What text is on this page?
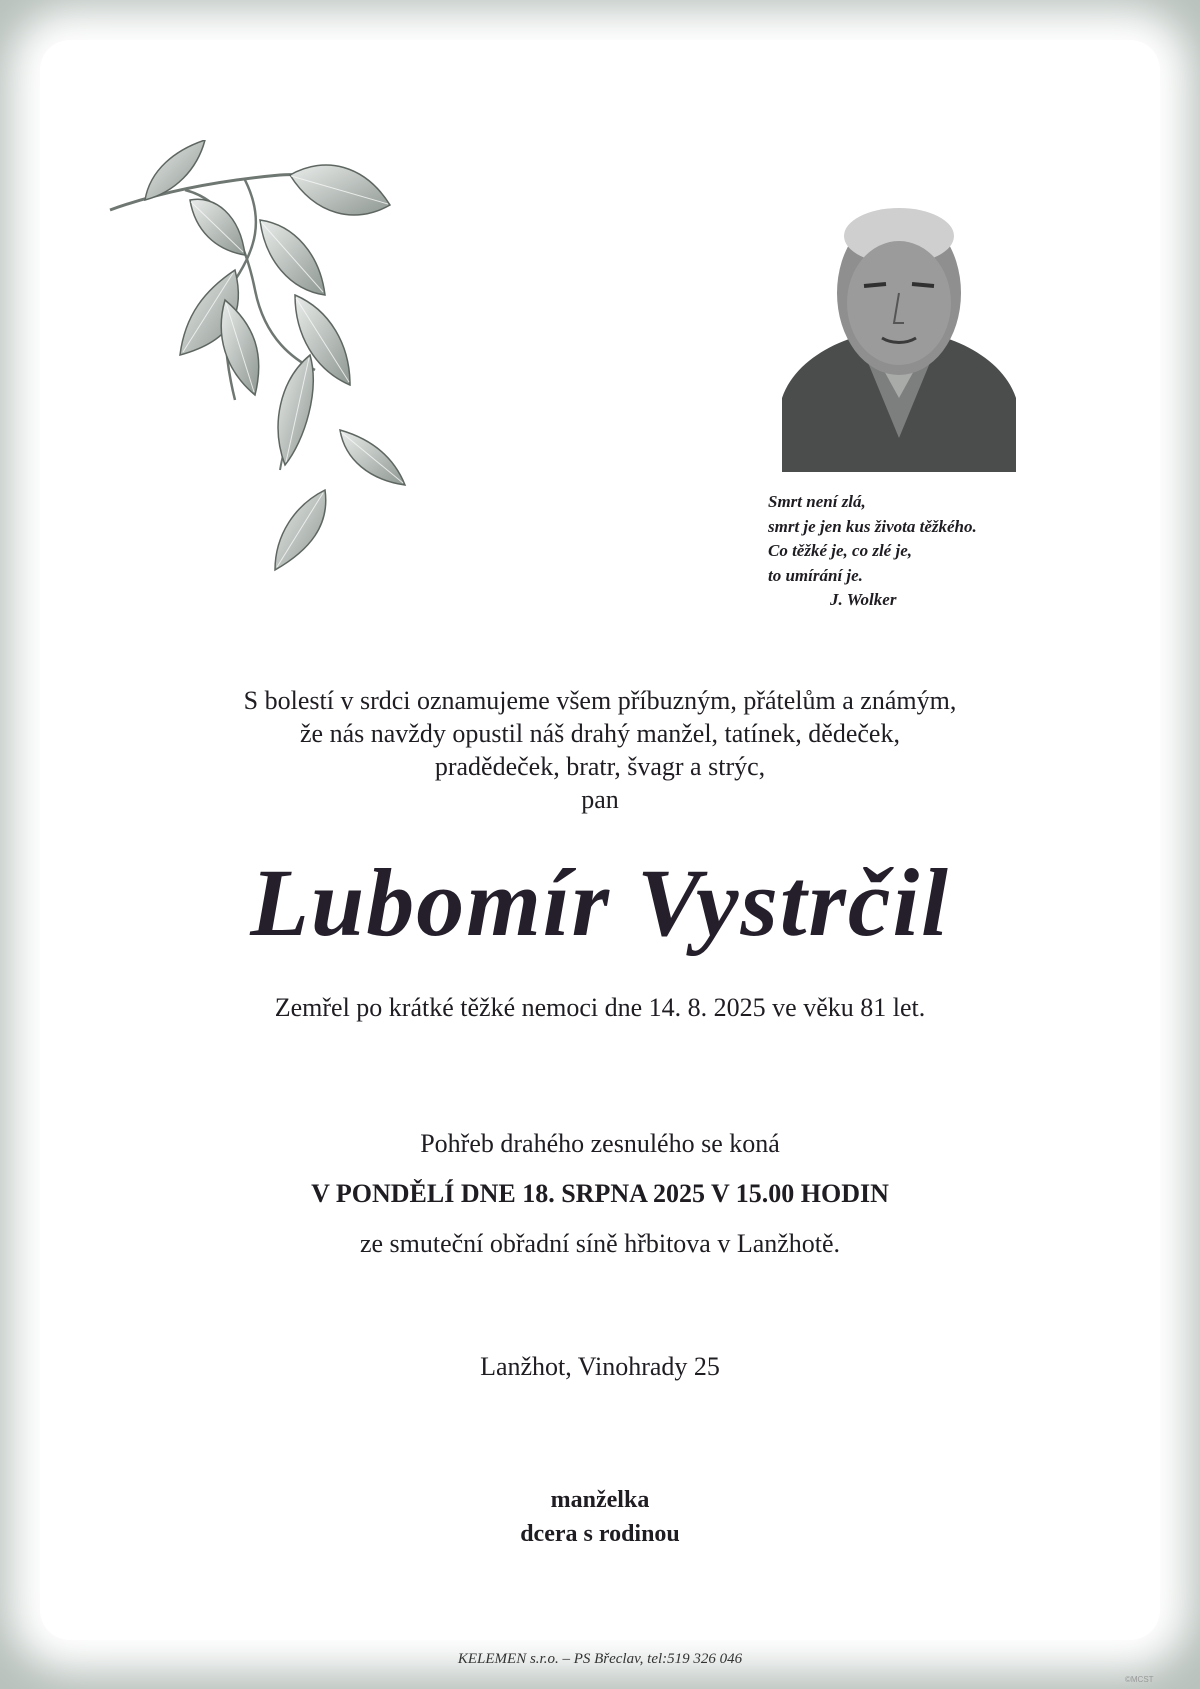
Smrt není zlá,
smrt je jen kus života těžkého.
Co těžké je, co zlé je,
to umírání je.
J. Wolker
S bolestí v srdci oznamujeme všem příbuzným, přátelům a známým,
že nás navždy opustil náš drahý manžel, tatínek, dědeček,
pradědeček, bratr, švagr a strýc,
pan
Lubomír Vystrčil
Zemřel po krátké těžké nemoci dne 14. 8. 2025 ve věku 81 let.
Pohřeb drahého zesnulého se koná
V PONDĚLÍ DNE 18. SRPNA 2025 V 15.00 HODIN
ze smuteční obřadní síně hřbitova v Lanžhotě.
Lanžhot, Vinohrady 25
manželka
dcera s rodinou
KELEMEN s.r.o. – PS Břeclav, tel:519 326 046
©MCST
